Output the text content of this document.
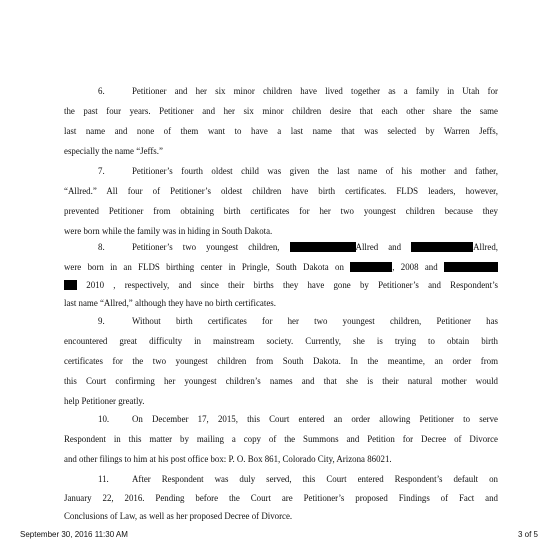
6.	Petitioner and her six minor children have lived together as a family in Utah for
the past four years. Petitioner and her six minor children desire that each other share the same
last name and none of them want to have a last name that was selected by Warren Jeffs,
especially the name “Jeffs.”
7.	Petitioner’s fourth oldest child was given the last name of his mother and father,
“Allred.” All four of Petitioner’s oldest children have birth certificates. FLDS leaders, however,
prevented Petitioner from obtaining birth certificates for her two youngest children because they
were born while the family was in hiding in South Dakota.
8.	Petitioner’s two youngest children,	Allred and	Allred,
were born in an FLDS birthing center in Pringle, South Dakota on	, 2008 and
2010 , respectively, and since their births they have gone by Petitioner’s and Respondent’s
last name “Allred,” although they have no birth certificates.
9.	Without birth certificates for her two youngest children, Petitioner has
encountered great difficulty in mainstream society. Currently, she is trying to obtain birth
certificates for the two youngest children from South Dakota. In the meantime, an order from
this Court confirming her youngest children’s names and that she is their natural mother would
help Petitioner greatly.
10.	On December 17, 2015, this Court entered an order allowing Petitioner to serve
Respondent in this matter by mailing a copy of the Summons and Petition for Decree of Divorce
and other filings to him at his post office box: P. O. Box 861, Colorado City, Arizona 86021.
11.	After Respondent was duly served, this Court entered Respondent’s default on
January 22, 2016. Pending before the Court are Petitioner’s proposed Findings of Fact and
Conclusions of Law, as well as her proposed Decree of Divorce.
September 30, 2016 11:30 AM	3 of 5
